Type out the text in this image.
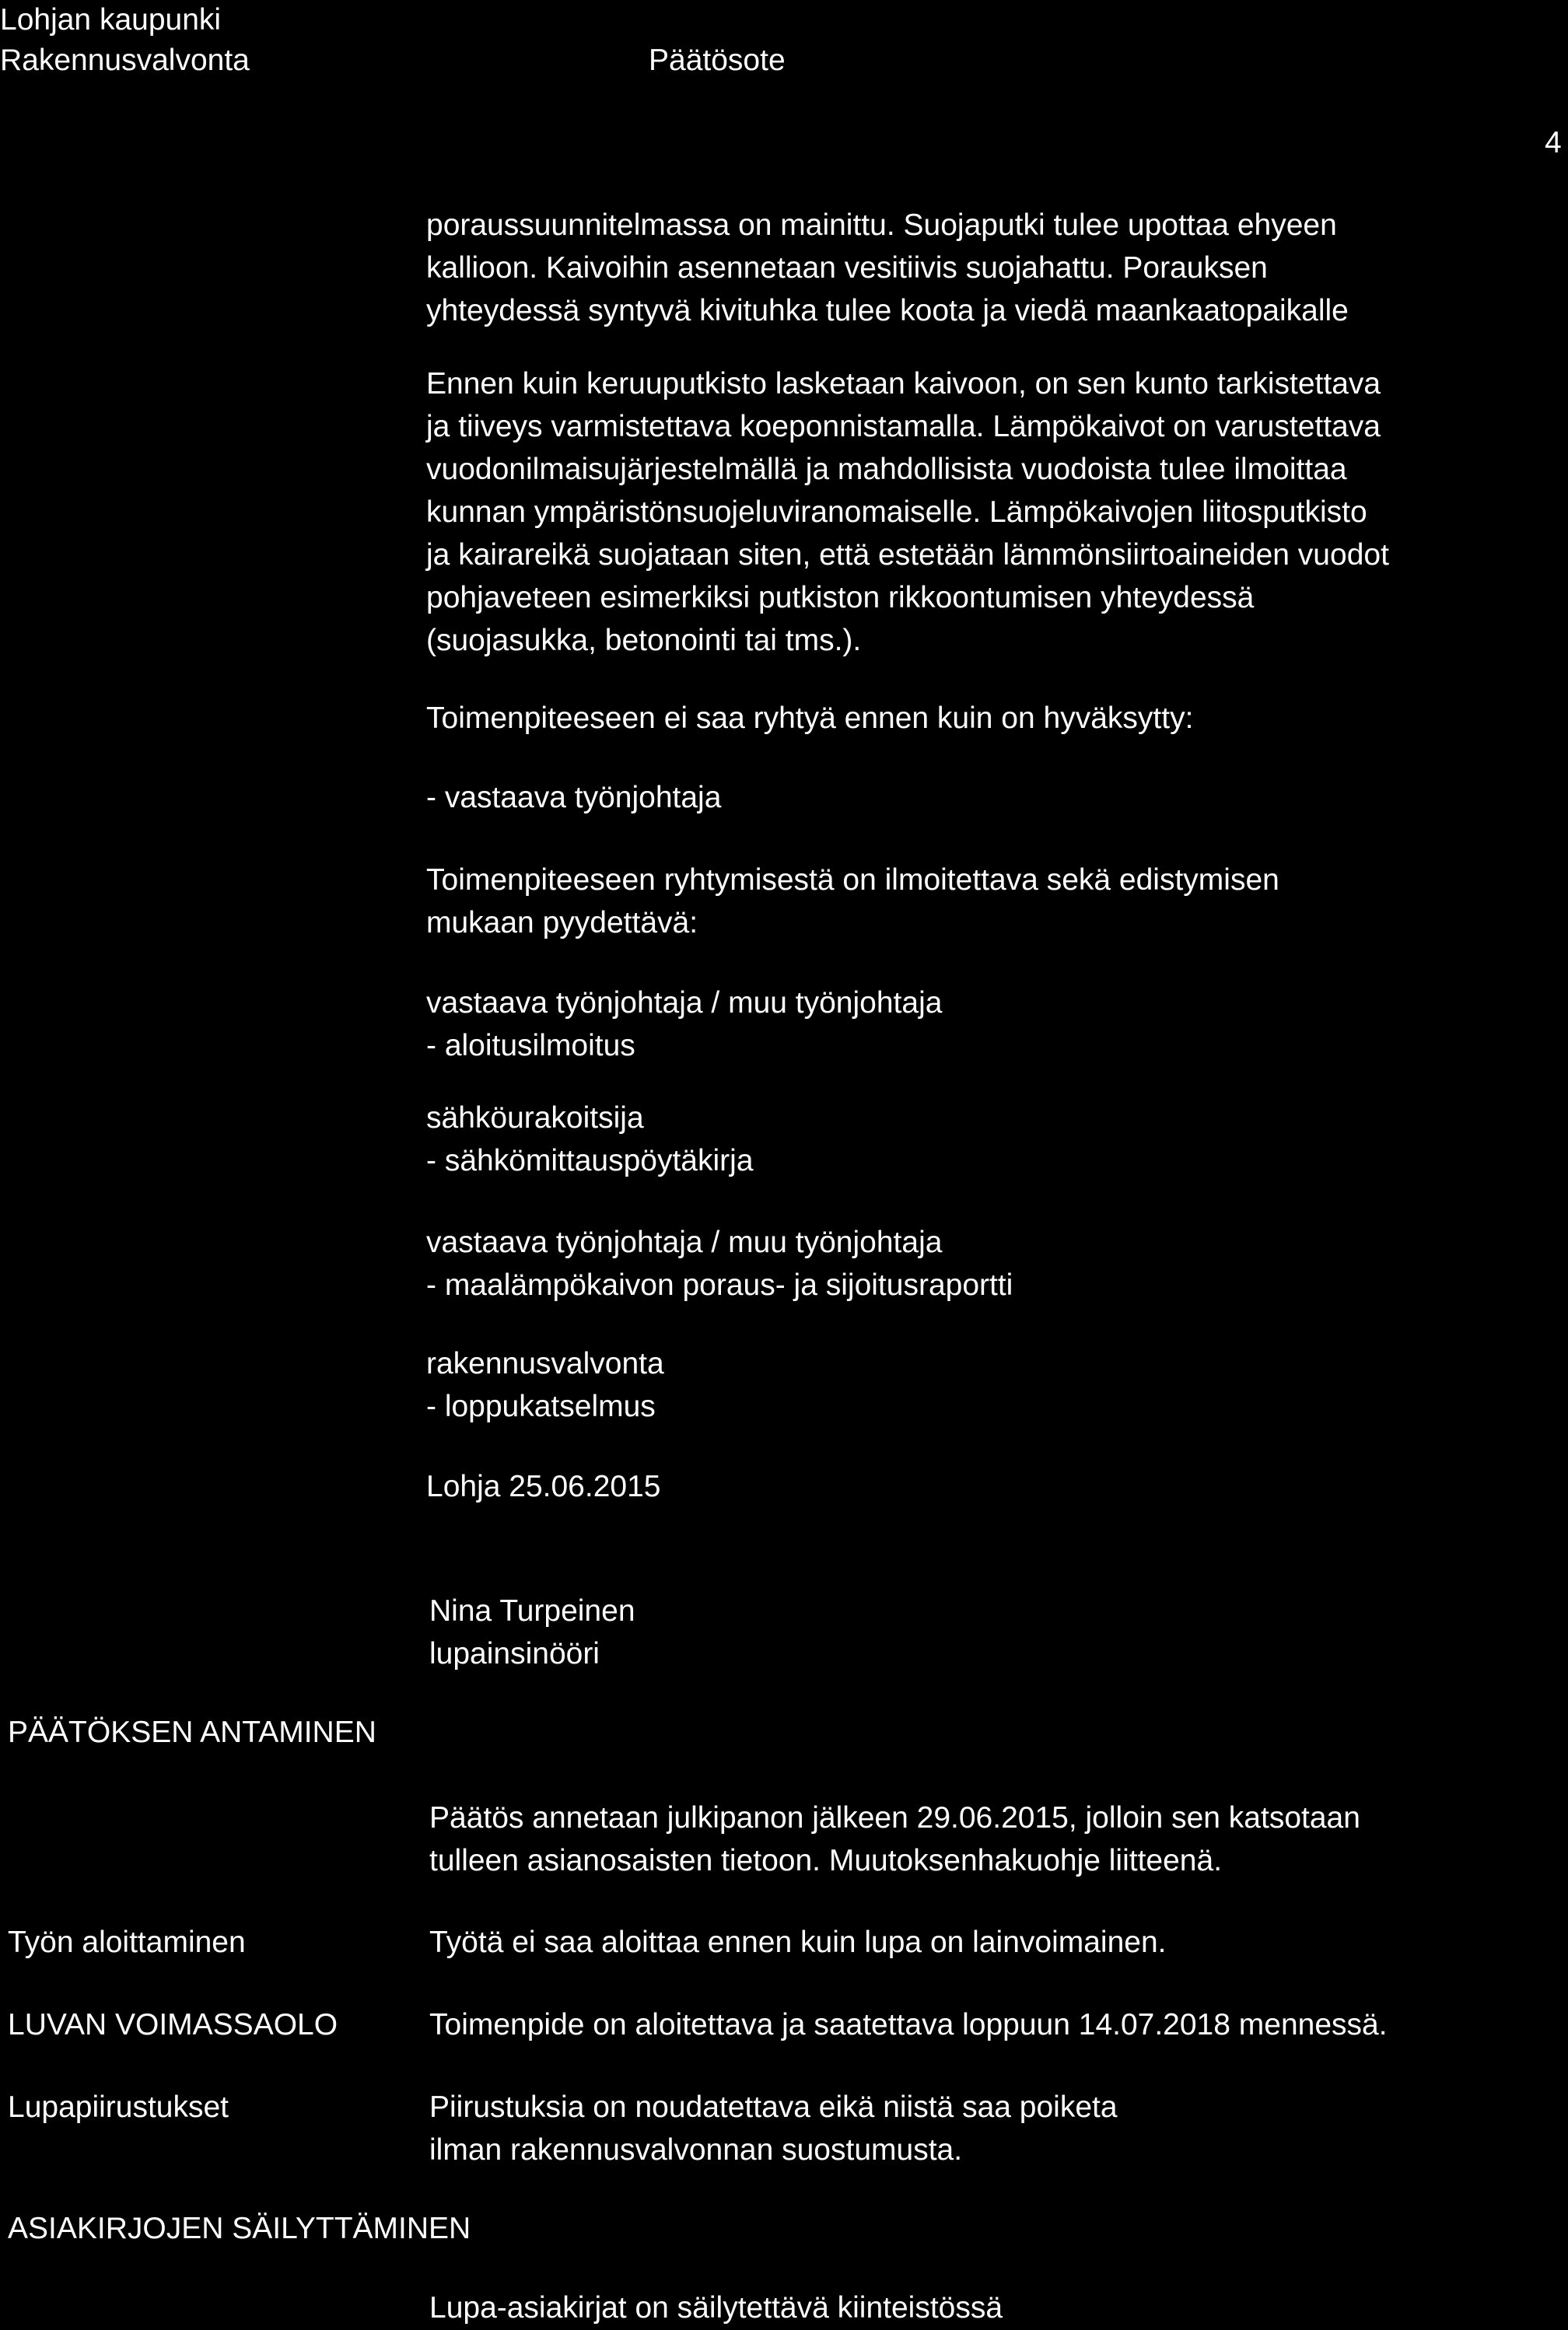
Lohjan kaupunki
Rakennusvalvonta	Päätösote
4
poraussuunnitelmassa on mainittu. Suojaputki tulee upottaa ehyeen
kallioon. Kaivoihin asennetaan vesitiivis suojahattu. Porauksen
yhteydessä syntyvä kivituhka tulee koota ja viedä maankaatopaikalle
Ennen kuin keruuputkisto lasketaan kaivoon, on sen kunto tarkistettava
ja tiiveys varmistettava koeponnistamalla. Lämpökaivot on varustettava
vuodonilmaisujärjestelmällä ja mahdollisista vuodoista tulee ilmoittaa
kunnan ympäristönsuojeluviranomaiselle. Lämpökaivojen liitosputkisto
ja kairareikä suojataan siten, että estetään lämmönsiirtoaineiden vuodot
pohjaveteen esimerkiksi putkiston rikkoontumisen yhteydessä
(suojasukka, betonointi tai tms.).
Toimenpiteeseen ei saa ryhtyä ennen kuin on hyväksytty:
- vastaava työnjohtaja
Toimenpiteeseen ryhtymisestä on ilmoitettava sekä edistymisen
mukaan pyydettävä:
vastaava työnjohtaja / muu työnjohtaja
- aloitusilmoitus
sähköurakoitsija
- sähkömittauspöytäkirja
vastaava työnjohtaja / muu työnjohtaja
- maalämpökaivon poraus- ja sijoitusraportti
rakennusvalvonta
- loppukatselmus
Lohja 25.06.2015
Nina Turpeinen
lupainsinööri
PÄÄTÖKSEN ANTAMINEN
Päätös annetaan julkipanon jälkeen 29.06.2015, jolloin sen katsotaan
tulleen asianosaisten tietoon. Muutoksenhakuohje liitteenä.
Työn aloittaminen	Työtä ei saa aloittaa ennen kuin lupa on lainvoimainen.
LUVAN VOIMASSAOLO	Toimenpide on aloitettava ja saatettava loppuun 14.07.2018 mennessä.
Lupapiirustukset	Piirustuksia on noudatettava eikä niistä saa poiketa
ilman rakennusvalvonnan suostumusta.
ASIAKIRJOJEN SÄILYTTÄMINEN
Lupa-asiakirjat on säilytettävä kiinteistössä
